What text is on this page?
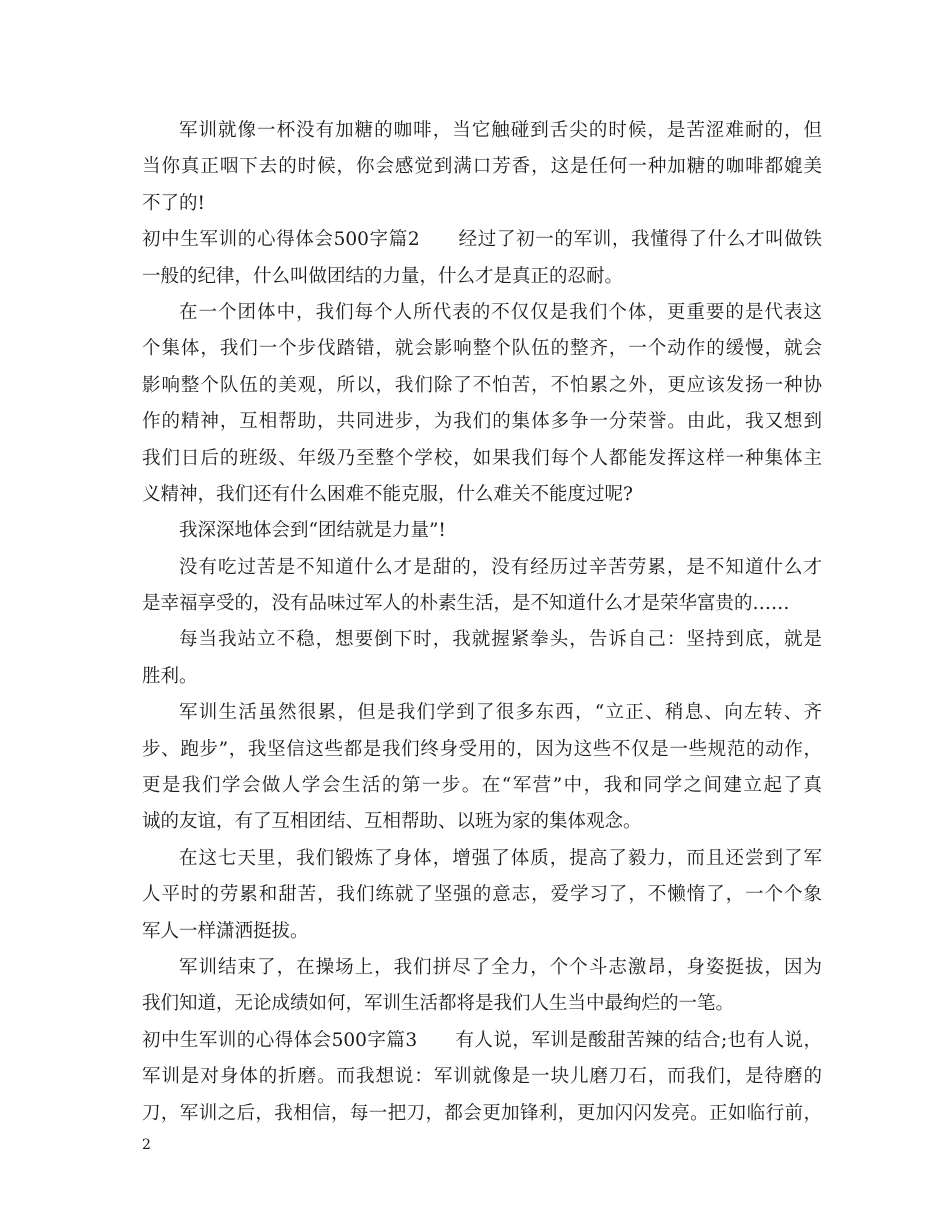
军训就像一杯没有加糖的咖啡，当它触碰到舌尖的时候，是苦涩难耐的，但
当你真正咽下去的时候，你会感觉到满口芳香，这是任何一种加糖的咖啡都媲美
不了的!
初中生军训的心得体会500字篇2　　经过了初一的军训，我懂得了什么才叫做铁
一般的纪律，什么叫做团结的力量，什么才是真正的忍耐。
在一个团体中，我们每个人所代表的不仅仅是我们个体，更重要的是代表这
个集体，我们一个步伐踏错，就会影响整个队伍的整齐，一个动作的缓慢，就会
影响整个队伍的美观，所以，我们除了不怕苦，不怕累之外，更应该发扬一种协
作的精神，互相帮助，共同进步，为我们的集体多争一分荣誉。由此，我又想到
我们日后的班级、年级乃至整个学校，如果我们每个人都能发挥这样一种集体主
义精神，我们还有什么困难不能克服，什么难关不能度过呢?
我深深地体会到“团结就是力量”!
没有吃过苦是不知道什么才是甜的，没有经历过辛苦劳累，是不知道什么才
是幸福享受的，没有品味过军人的朴素生活，是不知道什么才是荣华富贵的……
每当我站立不稳，想要倒下时，我就握紧拳头，告诉自己：坚持到底，就是
胜利。
军训生活虽然很累，但是我们学到了很多东西，“立正、稍息、向左转、齐
步、跑步”，我坚信这些都是我们终身受用的，因为这些不仅是一些规范的动作，
更是我们学会做人学会生活的第一步。在“军营”中，我和同学之间建立起了真
诚的友谊，有了互相团结、互相帮助、以班为家的集体观念。
在这七天里，我们锻炼了身体，增强了体质，提高了毅力，而且还尝到了军
人平时的劳累和甜苦，我们练就了坚强的意志，爱学习了，不懒惰了，一个个象
军人一样潇洒挺拔。
军训结束了，在操场上，我们拼尽了全力，个个斗志激昂，身姿挺拔，因为
我们知道，无论成绩如何，军训生活都将是我们人生当中最绚烂的一笔。
初中生军训的心得体会500字篇3　　有人说，军训是酸甜苦辣的结合;也有人说，
军训是对身体的折磨。而我想说：军训就像是一块儿磨刀石，而我们，是待磨的
刀，军训之后，我相信，每一把刀，都会更加锋利，更加闪闪发亮。正如临行前，
2
